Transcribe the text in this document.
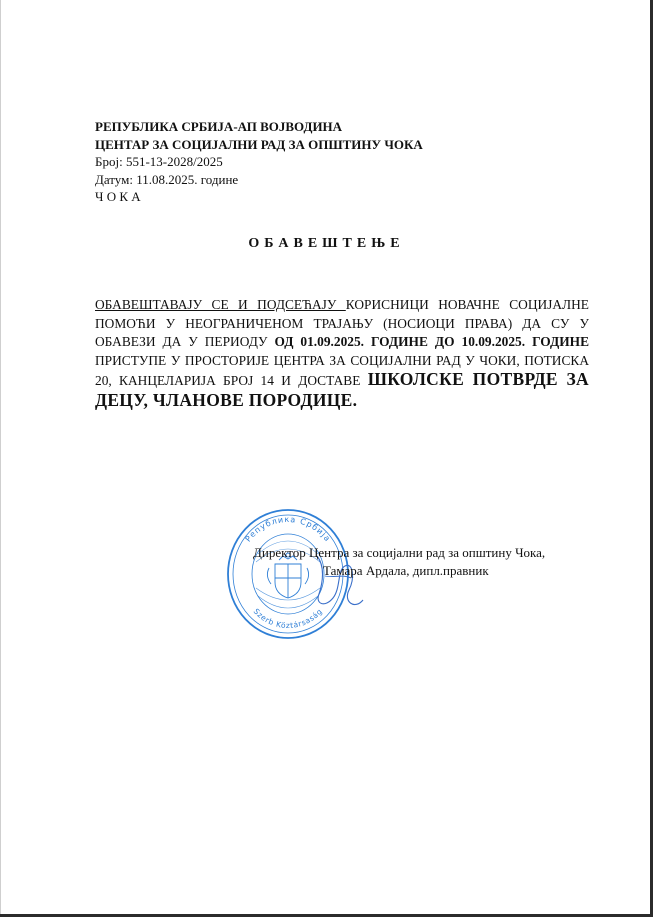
РЕПУБЛИКА СРБИЈА-АП ВОЈВОДИНА
ЦЕНТАР ЗА СОЦИЈАЛНИ РАД ЗА ОПШТИНУ ЧОКА
Број: 551-13-2028/2025
Датум: 11.08.2025. године
Ч О К А
ОБАВЕШТЕЊЕ
ОБАВЕШТАВАЈУ СЕ И ПОДСЕЋАЈУ КОРИСНИЦИ НОВАЧНЕ СОЦИЈАЛНЕ ПОМОЋИ У НЕОГРАНИЧЕНОМ ТРАЈАЊУ (НОСИОЦИ ПРАВА) ДА СУ У ОБАВЕЗИ ДА У ПЕРИОДУ ОД 01.09.2025. ГОДИНЕ ДО 10.09.2025. ГОДИНЕ ПРИСТУПЕ У ПРОСТОРИЈЕ ЦЕНТРА ЗА СОЦИЈАЛНИ РАД У ЧОКИ, ПОТИСКА 20, КАНЦЕЛАРИЈА БРОЈ 14 И ДОСТАВЕ ШКОЛСКЕ ПОТВРДЕ ЗА ДЕЦУ, ЧЛАНОВЕ ПОРОДИЦЕ.
Република Србија
Szerb Köztársaság
Директор Центра за социјални рад за општину Чока,
Тамара Ардала, дипл.правник
